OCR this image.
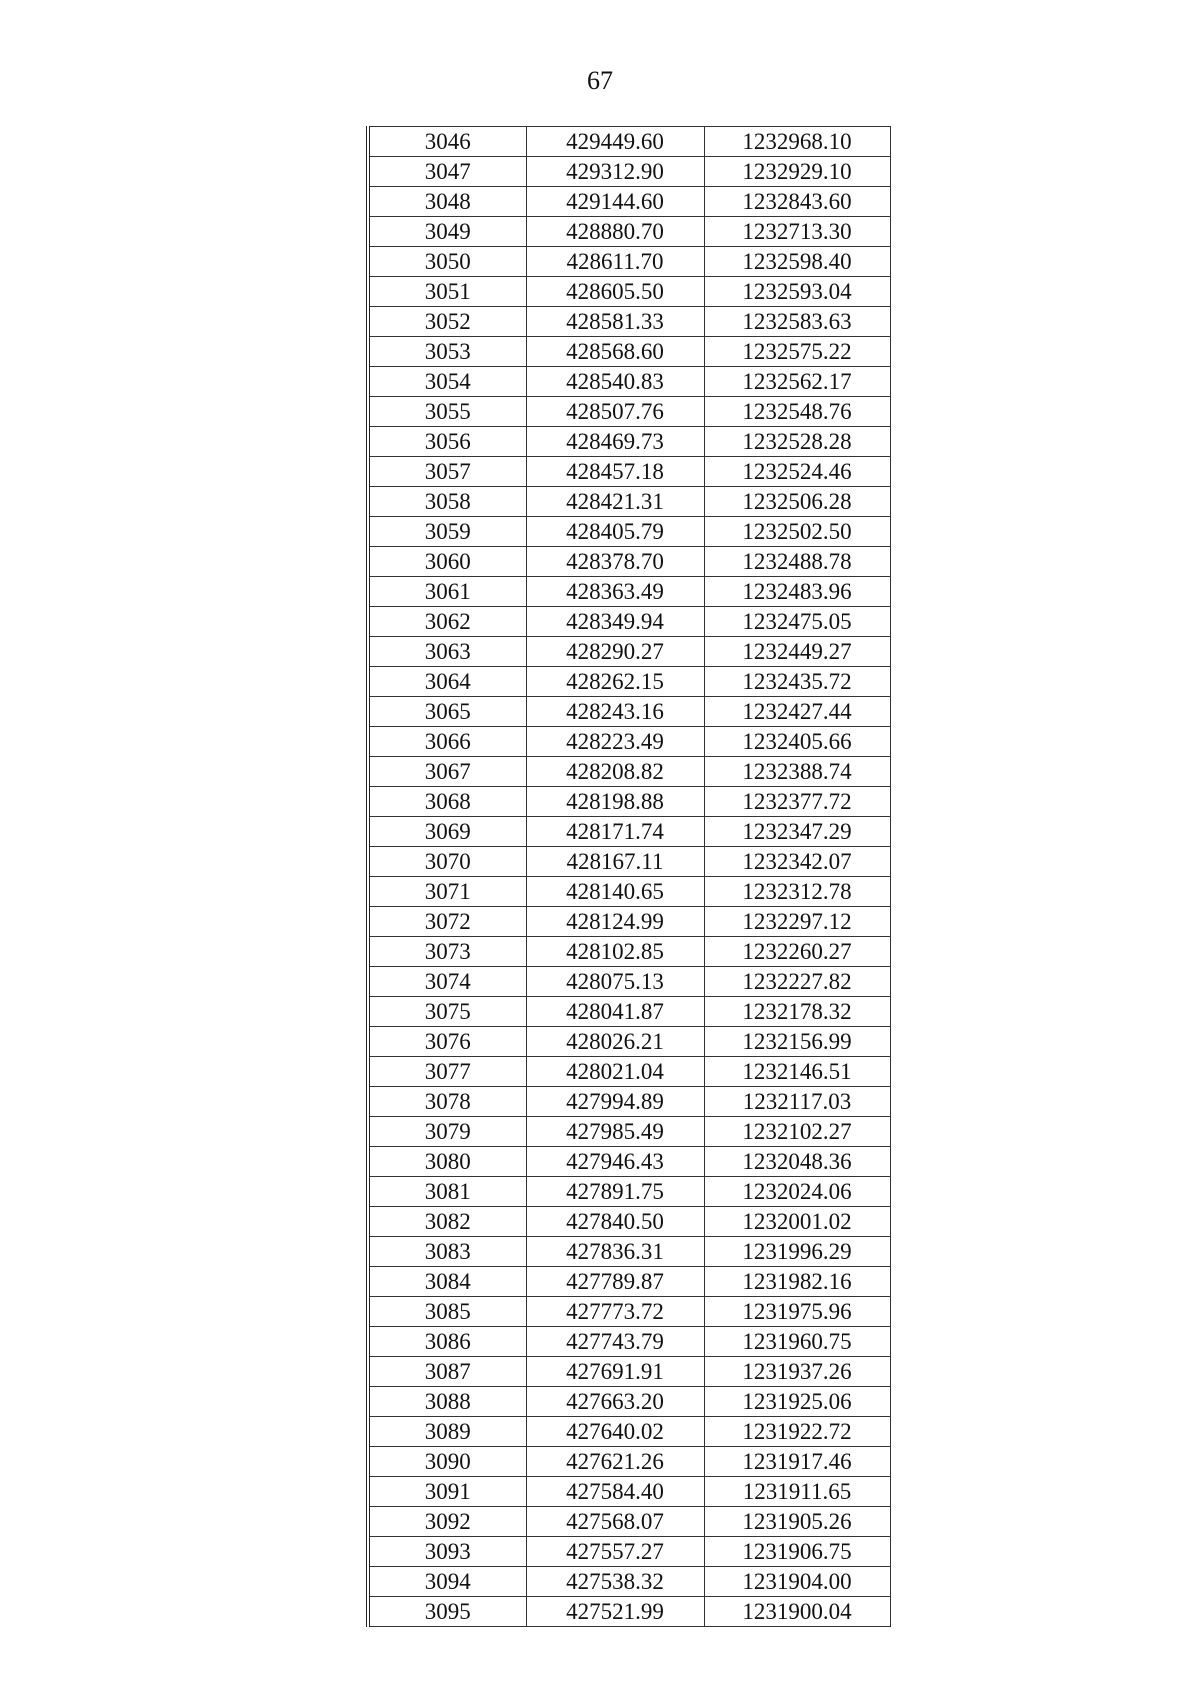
67
3046	429449.60	1232968.10
3047	429312.90	1232929.10
3048	429144.60	1232843.60
3049	428880.70	1232713.30
3050	428611.70	1232598.40
3051	428605.50	1232593.04
3052	428581.33	1232583.63
3053	428568.60	1232575.22
3054	428540.83	1232562.17
3055	428507.76	1232548.76
3056	428469.73	1232528.28
3057	428457.18	1232524.46
3058	428421.31	1232506.28
3059	428405.79	1232502.50
3060	428378.70	1232488.78
3061	428363.49	1232483.96
3062	428349.94	1232475.05
3063	428290.27	1232449.27
3064	428262.15	1232435.72
3065	428243.16	1232427.44
3066	428223.49	1232405.66
3067	428208.82	1232388.74
3068	428198.88	1232377.72
3069	428171.74	1232347.29
3070	428167.11	1232342.07
3071	428140.65	1232312.78
3072	428124.99	1232297.12
3073	428102.85	1232260.27
3074	428075.13	1232227.82
3075	428041.87	1232178.32
3076	428026.21	1232156.99
3077	428021.04	1232146.51
3078	427994.89	1232117.03
3079	427985.49	1232102.27
3080	427946.43	1232048.36
3081	427891.75	1232024.06
3082	427840.50	1232001.02
3083	427836.31	1231996.29
3084	427789.87	1231982.16
3085	427773.72	1231975.96
3086	427743.79	1231960.75
3087	427691.91	1231937.26
3088	427663.20	1231925.06
3089	427640.02	1231922.72
3090	427621.26	1231917.46
3091	427584.40	1231911.65
3092	427568.07	1231905.26
3093	427557.27	1231906.75
3094	427538.32	1231904.00
3095	427521.99	1231900.04
